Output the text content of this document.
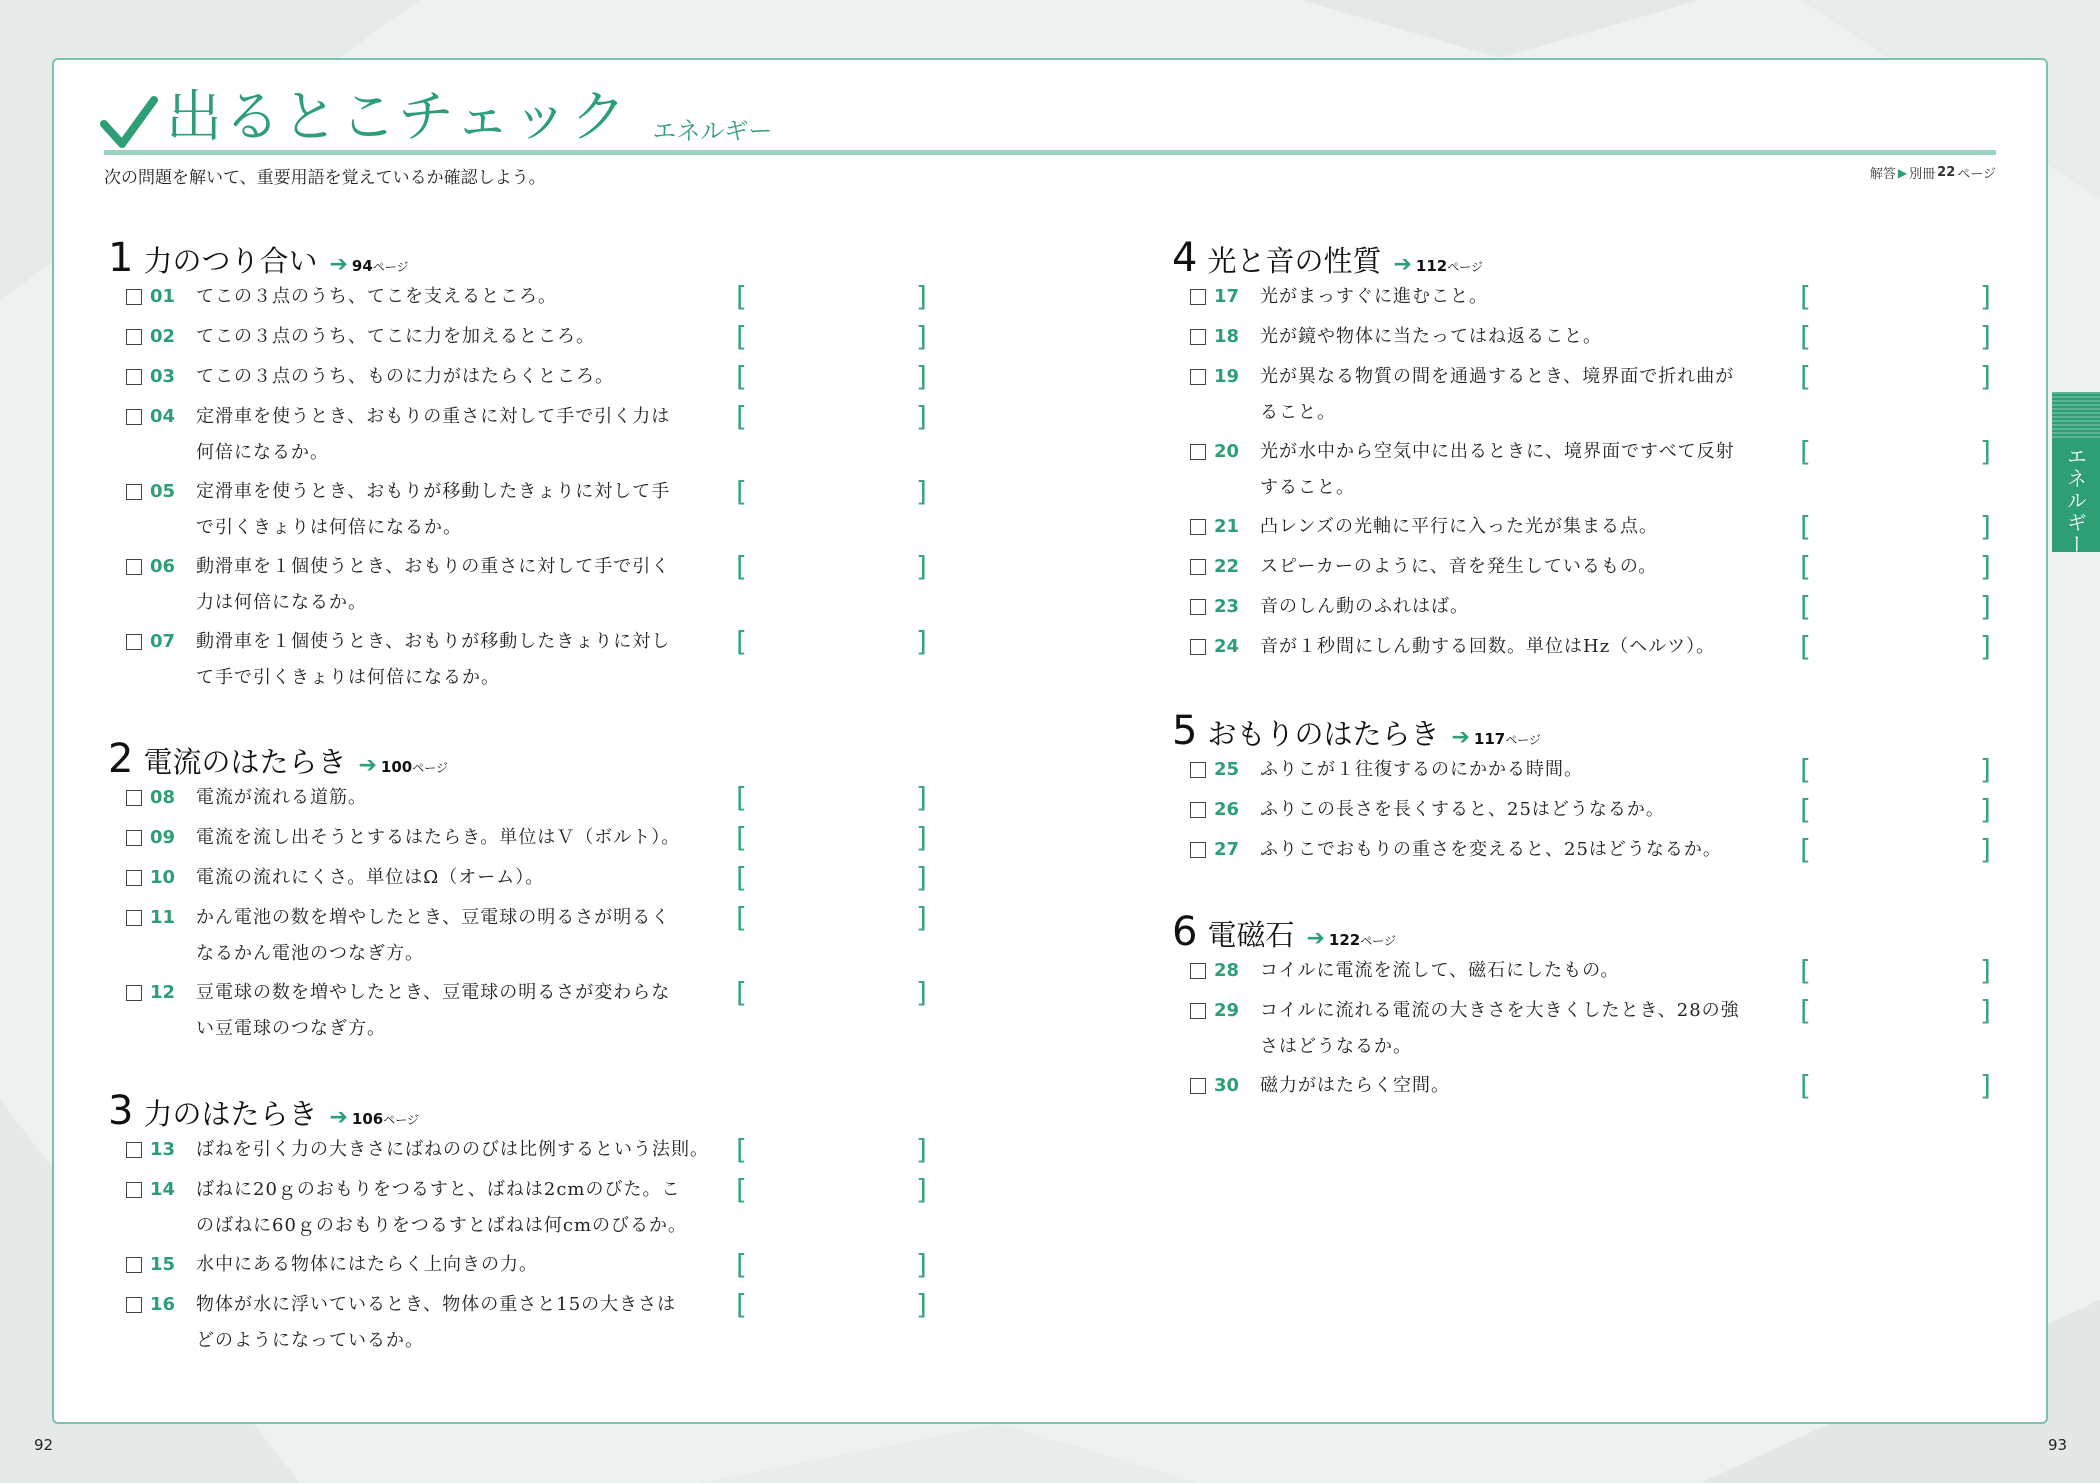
出るとこチェック エネルギー
次の問題を解いて、重要用語を覚えているか確認しよう。	解答 ▶ 別冊 22 ページ
1 力のつり合い ➔ 94 ページ
01 てこの３点のうち、てこを支えるところ。	[	]
02 てこの３点のうち、てこに力を加えるところ。	[	]
03 てこの３点のうち、ものに力がはたらくところ。	[	]
04 定滑車を使うとき、おもりの重さに対して手で引く力は
何倍になるか。
[	]
05 定滑車を使うとき、おもりが移動したきょりに対して手
で引くきょりは何倍になるか。
[	]
06 動滑車を１個使うとき、おもりの重さに対して手で引く
力は何倍になるか。
[	]
07 動滑車を１個使うとき、おもりが移動したきょりに対し
て手で引くきょりは何倍になるか。
[	]
2 電流のはたらき ➔ 100 ページ
08 電流が流れる道筋。	[	]
09 電流を流し出そうとするはたらき。単位はＶ（ボルト）。	[	]
10 電流の流れにくさ。単位はΩ（オーム）。	[	]
11 かん電池の数を増やしたとき、豆電球の明るさが明るく
なるかん電池のつなぎ方。
[	]
12 豆電球の数を増やしたとき、豆電球の明るさが変わらな
い豆電球のつなぎ方。
[	]
3 力のはたらき ➔ 106 ページ
13 ばねを引く力の大きさにばねののびは比例するという法則。 [	]
14 ばねに20ｇのおもりをつるすと、ばねは2cmのびた。こ
のばねに60ｇのおもりをつるすとばねは何cmのびるか。
[	]
15 水中にある物体にはたらく上向きの力。	[	]
16 物体が水に浮いているとき、物体の重さと15の大きさは
どのようになっているか。
[	]
4 光と音の性質 ➔ 112 ページ
17 光がまっすぐに進むこと。	[	]
18 光が鏡や物体に当たってはね返ること。	[	]
19 光が異なる物質の間を通過するとき、境界面で折れ曲が
ること。
[	]
20 光が水中から空気中に出るときに、境界面ですべて反射
すること。
[	]
21 凸レンズの光軸に平行に入った光が集まる点。	[	]
22 スピーカーのように、音を発生しているもの。	[	]
23 音のしん動のふれはば。	[	]
24 音が１秒間にしん動する回数。単位はHz（ヘルツ）。	[	]
5 おもりのはたらき ➔ 117 ページ
25 ふりこが１往復するのにかかる時間。	[	]
26 ふりこの長さを長くすると、25はどうなるか。	[	]
27 ふりこでおもりの重さを変えると、25はどうなるか。	[	]
6 電磁石 ➔ 122 ページ
28 コイルに電流を流して、磁石にしたもの。	[	]
29 コイルに流れる電流の大きさを大きくしたとき、28の強
さはどうなるか。
[	]
30 磁力がはたらく空間。	[	]
エネルギー
92	93
